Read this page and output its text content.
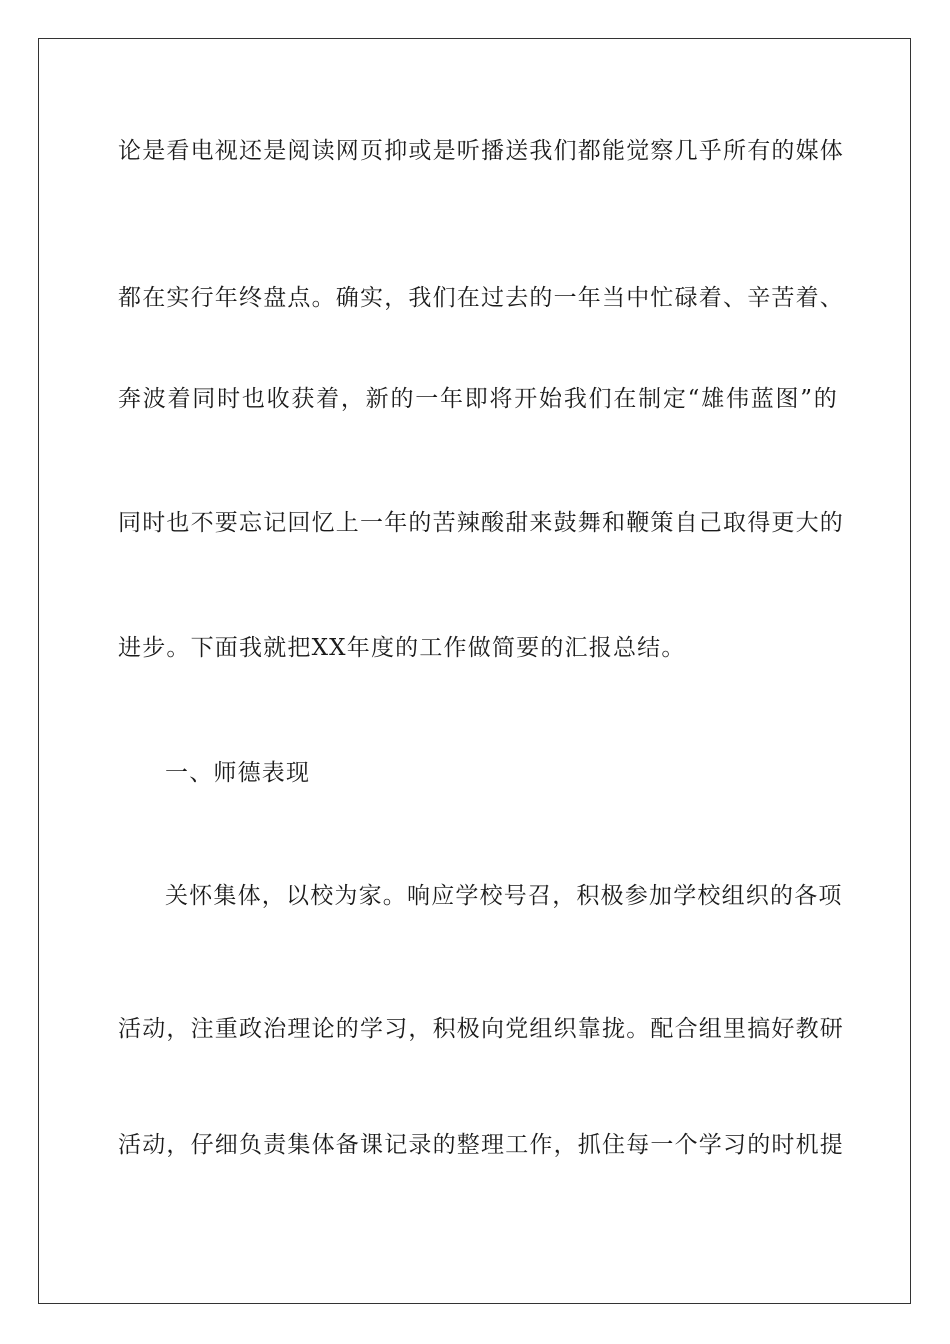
论是看电视还是阅读网页抑或是听播送我们都能觉察几乎所有的媒体
都在实行年终盘点。确实，我们在过去的一年当中忙碌着、辛苦着、
奔波着同时也收获着，新的一年即将开始我们在制定“雄伟蓝图”的
同时也不要忘记回忆上一年的苦辣酸甜来鼓舞和鞭策自己取得更大的
进步。下面我就把XX年度的工作做简要的汇报总结。
一、师德表现
关怀集体，以校为家。响应学校号召，积极参加学校组织的各项
活动，注重政治理论的学习，积极向党组织靠拢。配合组里搞好教研
活动，仔细负责集体备课记录的整理工作，抓住每一个学习的时机提
